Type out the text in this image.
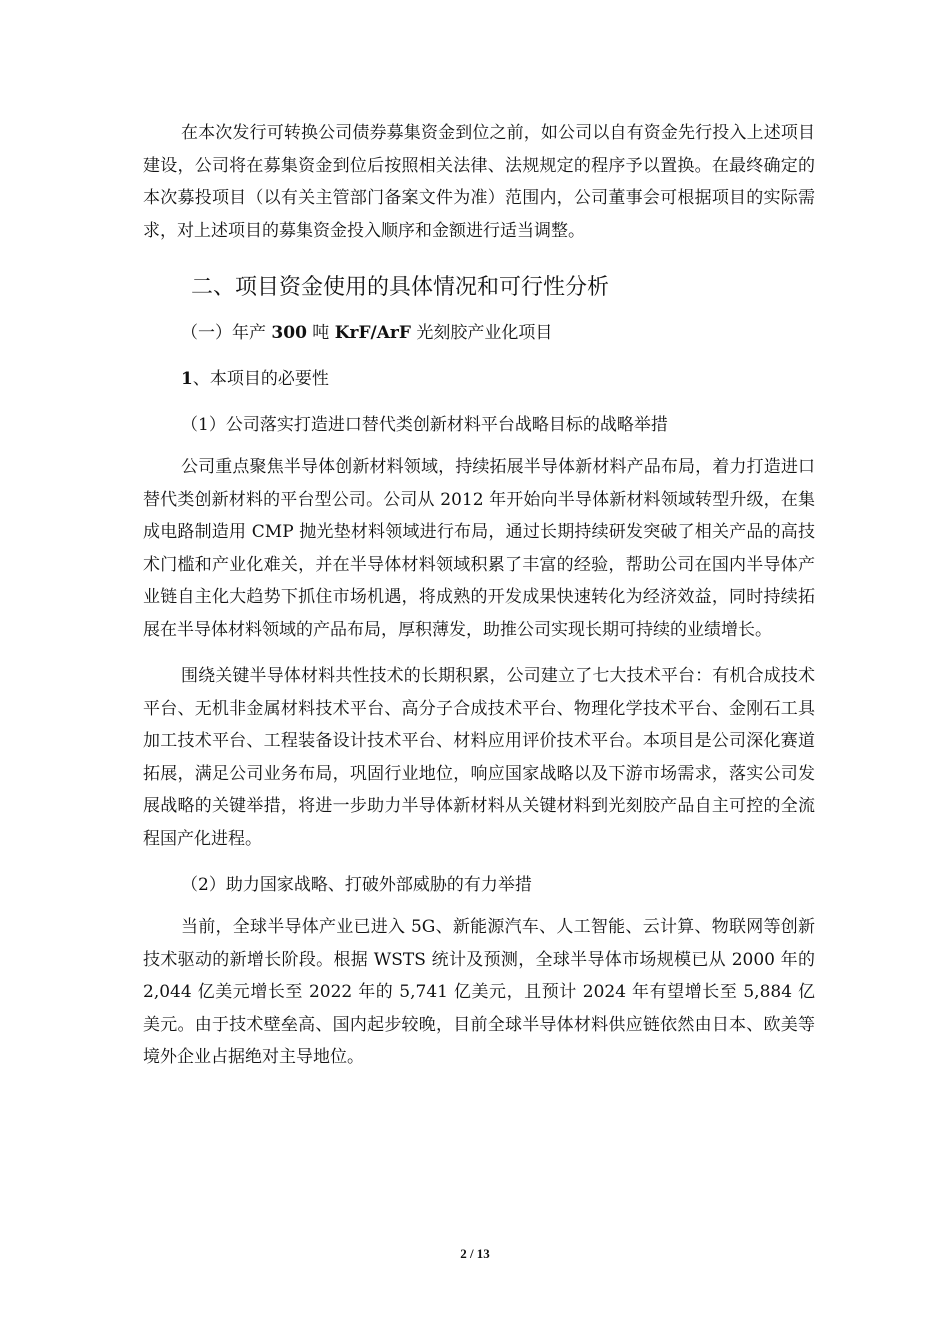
在本次发行可转换公司债券募集资金到位之前，如公司以自有资金先行投入上述项目建设，公司将在募集资金到位后按照相关法律、法规规定的程序予以置换。在最终确定的本次募投项目（以有关主管部门备案文件为准）范围内，公司董事会可根据项目的实际需求，对上述项目的募集资金投入顺序和金额进行适当调整。

二、项目资金使用的具体情况和可行性分析

（一）年产 300 吨 KrF/ArF 光刻胶产业化项目

1、本项目的必要性

（1）公司落实打造进口替代类创新材料平台战略目标的战略举措

公司重点聚焦半导体创新材料领域，持续拓展半导体新材料产品布局，着力打造进口替代类创新材料的平台型公司。公司从 2012 年开始向半导体新材料领域转型升级，在集成电路制造用 CMP 抛光垫材料领域进行布局，通过长期持续研发突破了相关产品的高技术门槛和产业化难关，并在半导体材料领域积累了丰富的经验，帮助公司在国内半导体产业链自主化大趋势下抓住市场机遇，将成熟的开发成果快速转化为经济效益，同时持续拓展在半导体材料领域的产品布局，厚积薄发，助推公司实现长期可持续的业绩增长。

围绕关键半导体材料共性技术的长期积累，公司建立了七大技术平台：有机合成技术平台、无机非金属材料技术平台、高分子合成技术平台、物理化学技术平台、金刚石工具加工技术平台、工程装备设计技术平台、材料应用评价技术平台。本项目是公司深化赛道拓展，满足公司业务布局，巩固行业地位，响应国家战略以及下游市场需求，落实公司发展战略的关键举措，将进一步助力半导体新材料从关键材料到光刻胶产品自主可控的全流程国产化进程。

（2）助力国家战略、打破外部威胁的有力举措

当前，全球半导体产业已进入 5G、新能源汽车、人工智能、云计算、物联网等创新技术驱动的新增长阶段。根据 WSTS 统计及预测，全球半导体市场规模已从 2000 年的 2,044 亿美元增长至 2022 年的 5,741 亿美元，且预计 2024 年有望增长至 5,884 亿美元。由于技术壁垒高、国内起步较晚，目前全球半导体材料供应链依然由日本、欧美等境外企业占据绝对主导地位。

2 / 13
